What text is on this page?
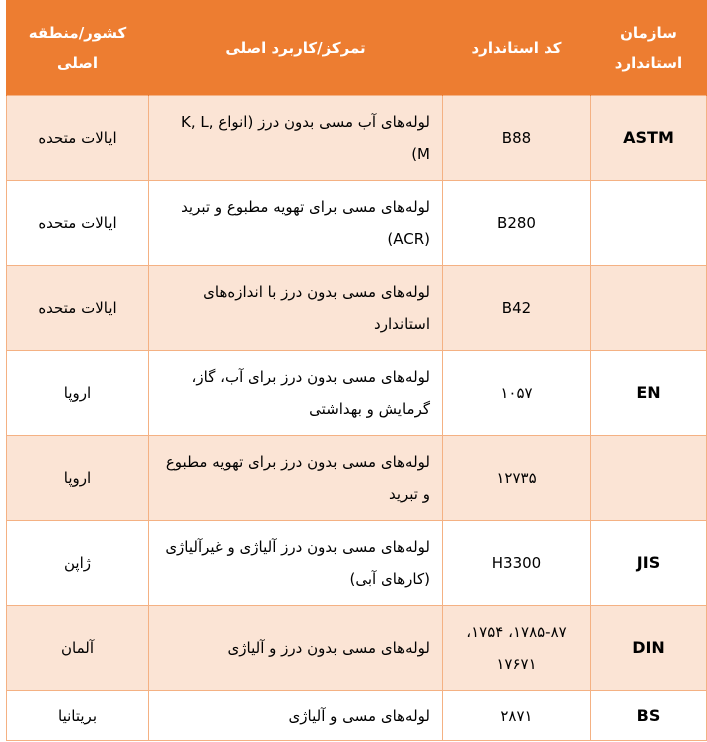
سازمان استاندارد	کد استاندارد	تمرکز/کاربرد اصلی	کشور/منطقه اصلی
ASTM	B88	لوله‌های آب مسی بدون درز (انواع K, L, M)	ایالات متحده
	B280	لوله‌های مسی برای تهویه مطبوع و تبرید (ACR)	ایالات متحده
	B42	لوله‌های مسی بدون درز با اندازه‌های استاندارد	ایالات متحده
EN	۱۰۵۷	لوله‌های مسی بدون درز برای آب، گاز، گرمایش و بهداشتی	اروپا
	۱۲۷۳۵	لوله‌های مسی بدون درز برای تهویه مطبوع و تبرید	اروپا
JIS	H3300	لوله‌های مسی بدون درز آلیاژی و غیرآلیاژی (کارهای آبی)	ژاپن
DIN	۱۷۸۵-۸۷، ۱۷۵۴، ۱۷۶۷۱	لوله‌های مسی بدون درز و آلیاژی	آلمان
BS	۲۸۷۱	لوله‌های مسی و آلیاژی	بریتانیا
